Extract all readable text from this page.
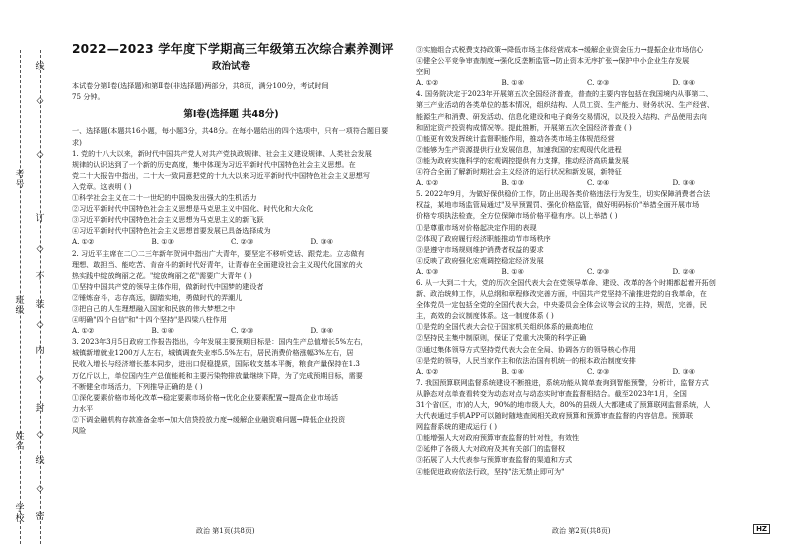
线
◇
考号
◇
订
◇
不
班级
装
◇
内
◇
封
◇
线
姓名
◇
密
学校

2022—2023 学年度下学期高三年级第五次综合素养测评

政治试卷

本试卷分第Ⅰ卷(选择题)和第Ⅱ卷(非选择题)两部分，共8页，满分100分，考试时间

75 分钟。

第Ⅰ卷(选择题 共48分)

一、选择题(本题共16小题，每小题3分，共48分。在每小题给出的四个选项中，只有一项符合题目要求)

1. 党的十八大以来，新时代中国共产党人对共产党执政规律、社会主义建设规律、人类社会发展

规律的认识达到了一个新的历史高度，集中体现为习近平新时代中国特色社会主义思想。在

党二十大报告中指出，二十大一致同意把党的十九大以来习近平新时代中国特色社会主义思想写

入党章。这表明 ( )

①科学社会主义在二十一世纪的中国焕发出强大的生机活力

②习近平新时代中国特色社会主义思想是马克思主义中国化、时代化和大众化

③习近平新时代中国特色社会主义思想为马克思主义的新飞跃

④习近平新时代中国特色社会主义思想首要发展已具备选择成为

A. ①②	B. ①③	C. ②③	D. ③④

2. 习近平主席在二〇二三年新年贺词中指出广大青年，要坚定不移听党话、跟党走。立志做有

理想、敢担当、能吃苦、肯奋斗的新时代好青年，让青春在全面建设社会主义现代化国家的火

热实践中绽放绚丽之花。"绽放绚丽之花"需要广大青年 ( )

①坚持中国共产党的领导主体作用，做新时代中国梦的建设者

②锤炼奋斗，志存高远，脚踏实地，勇做时代的弄潮儿

③把自己的人生理想融入国家和民族的伟大梦想之中

④明确"四个自信"和"十四个坚持"是四梁八柱作用

A. ①②	B. ①④	C. ②③	D. ③④

3. 2023年3月5日政府工作报告指出，今年发展主要预期目标是：国内生产总值增长5%左右，

城镇新增就业1200万人左右，城镇调查失业率5.5%左右，居民消费价格涨幅3%左右，居

民收入增长与经济增长基本同步，进出口促稳提质，国际收支基本平衡，粮食产量保持在1.3

万亿斤以上，单位国内生产总值能耗和主要污染物排放量继续下降，为了完成预期目标，需要

不断健全市场活力，下列推导正确的是 ( )

①深化要素价格市场化改革→稳定要素市场价格→优化企业要素配置→提高企业市场活

力水平

②下调金融机构存款准备金率→加大信贷投放力度→缓解企业融资难问题→降低企业投资

风险

③实施组合式税费支持政策→降低市场主体经营成本→缓解企业资金压力→提振企业市场信心

④健全公平竞争审查制度→强化反垄断监管→防止资本无序扩张→保护中小企业生存发展

空间

A. ①②	B. ①④	C. ②③	D. ③④

4. 国务院决定于2023年开展第五次全国经济普查，普查的主要内容包括在我国境内从事第二、

第三产业活动的各类单位的基本情况，组织结构、人员工资、生产能力、财务状况、生产经营、

能源生产和消费、研发活动、信息化建设和电子商务交易情况，以及投入结构、产品使用去向

和固定资产投资构成情况等。提此推断，开展第五次全国经济普查 ( )

①能更有效发挥统计监督职能作用，推动各类市场主体规范经营

②能够为生产资源提供行业发展信息，加速我国的宏观现代化进程

③能为政府实施科学的宏观调控提供有力支撑，推动经济高质量发展

④符合全面了解新时期社会主义经济的运行状况和新发展，新特征

A. ①②	B. ①③	C. ②④	D. ③④

5. 2022年9月，为做好保供稳价工作，防止出现各类价格违法行为发生，切实保障消费者合法

权益，某地市场监管局通过"及早预置罚、强化价格监管，做好明码标价"举措全面开展市场

价格专项执法检查，全方位保障市场价格平稳有序。以上举措 ( )

①是尊重市场对价格起决定作用的表现

②体现了政府履行经济职能推动节市场秩序

③是遵守市场规则维护消费者权益的要求

④反映了政府强化宏观调控稳定经济发展

A. ①③	B. ①④	C. ②③	D. ②④

6. 从一大到二十大，党的历次全国代表大会在党领导革命、建设、改革的各个时期都起着开拓创

新、政治统帅工作，从总纲和章程修改完善方面，中国共产党坚持不渝推进党的自我革命，在

全体党员一定包括全党的全国代表大会，中央委员会全体会议等会议的主持，规范，完善，民

主，高效的会议制度体系。这一制度体系 ( )

①是党的全国代表大会位于国家机关组织体系的最高地位

②坚持民主集中制原则，保证了党重大决策的科学正确

③通过集体领导方式坚持党代表大会在全局、协调各方的领导核心作用

④是党的领导，人民当家作主和依法治国有机统一的根本政治制度安排

A. ①②	B. ①④	C. ②③	D. ③④

7. 我国预算联网监督系统建设不断推进，系统功能从简单查询到智能预警，分析计，监督方式

从静态对点单查看转变为动态对点与动态实时审查监督相结合。截至2023年1月，全国

31个省(区，市)的人大，90%的地市级人大，80%的县级人大都建成了预算联网监督系统，人

大代表通过手机APP可以随时随地查阅相关政府预算和预算审查监督的内容信息。预算联

网监督系统的建成运行 ( )

①能增强人大对政府预算审查监督的针对性，有效性

②延伸了各级人大对政府及其有关部门的监督权

③拓展了人大代表参与预算审查监督的渠道和方式

④能促进政府依法行政，坚持"法无禁止即可为"

政治 第1页(共8页)	政治 第2页(共8页)	HZ
